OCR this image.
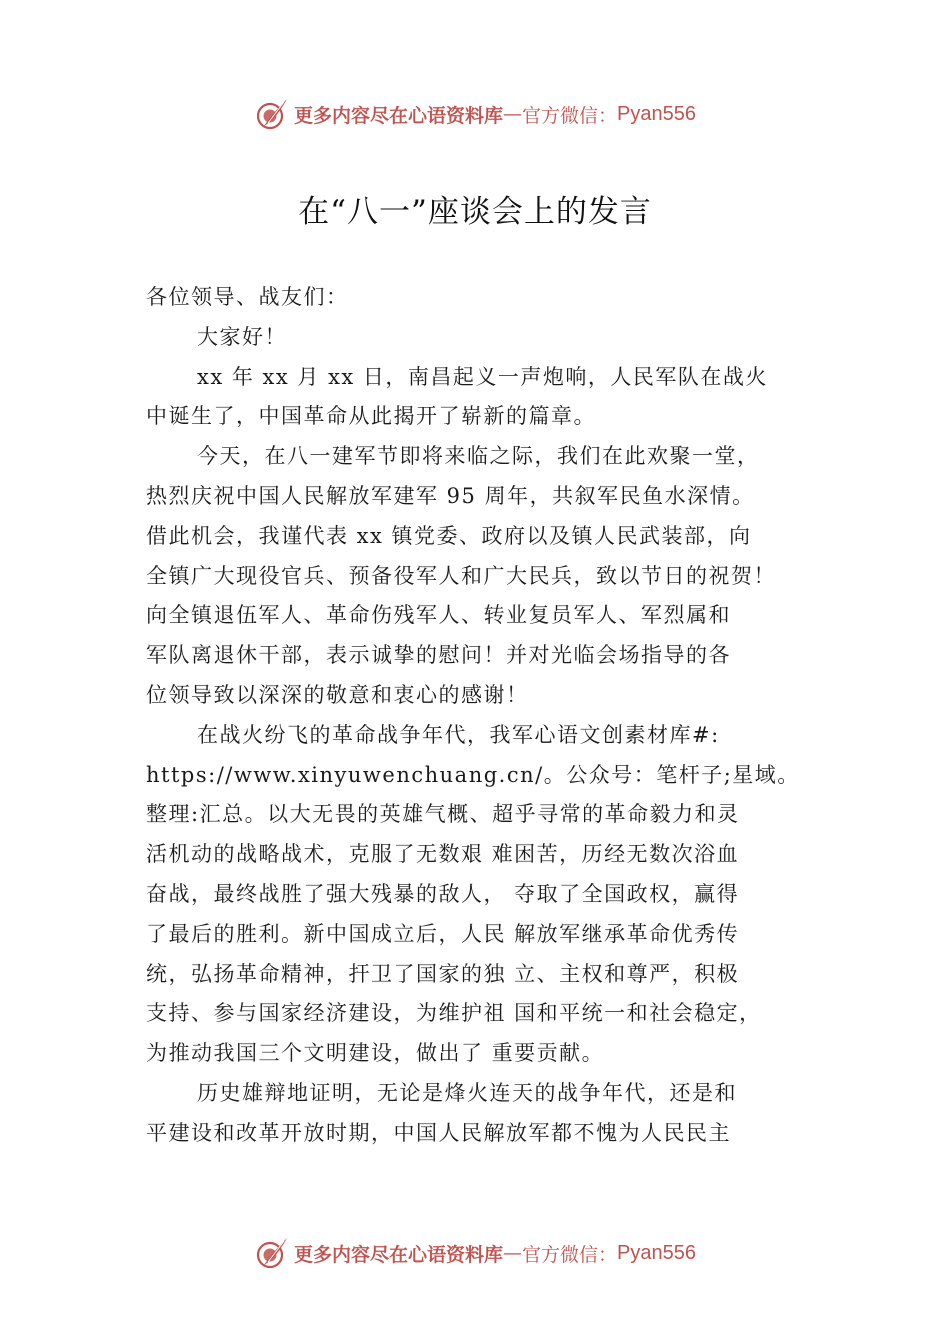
更多内容尽在心语资料库 — 官方微信： Pyan556
在“八一”座谈会上的发言

各位领导、战友们：

大家好！

xx 年 xx 月 xx 日，南昌起义一声炮响，人民军队在战火
中诞生了，中国革命从此揭开了崭新的篇章。

今天，在八一建军节即将来临之际，我们在此欢聚一堂，
热烈庆祝中国人民解放军建军 95 周年，共叙军民鱼水深情。
借此机会，我谨代表 xx 镇党委、政府以及镇人民武装部，向
全镇广大现役官兵、预备役军人和广大民兵，致以节日的祝贺！
向全镇退伍军人、革命伤残军人、转业复员军人、军烈属和
军队离退休干部，表示诚挚的慰问！并对光临会场指导的各
位领导致以深深的敬意和衷心的感谢！

在战火纷飞的革命战争年代，我军心语文创素材库#:
https://www.xinyuwenchuang.cn/。公众号：笔杆子;星域。
整理:汇总。以大无畏的英雄气概、超乎寻常的革命毅力和灵
活机动的战略战术，克服了无数艰 难困苦，历经无数次浴血
奋战，最终战胜了强大残暴的敌人， 夺取了全国政权，赢得
了最后的胜利。新中国成立后，人民 解放军继承革命优秀传
统，弘扬革命精神，扞卫了国家的独 立、主权和尊严，积极
支持、参与国家经济建设，为维护祖 国和平统一和社会稳定，
为推动我国三个文明建设，做出了 重要贡献。

历史雄辩地证明，无论是烽火连天的战争年代，还是和
平建设和改革开放时期，中国人民解放军都不愧为人民民主

更多内容尽在心语资料库 — 官方微信： Pyan556
